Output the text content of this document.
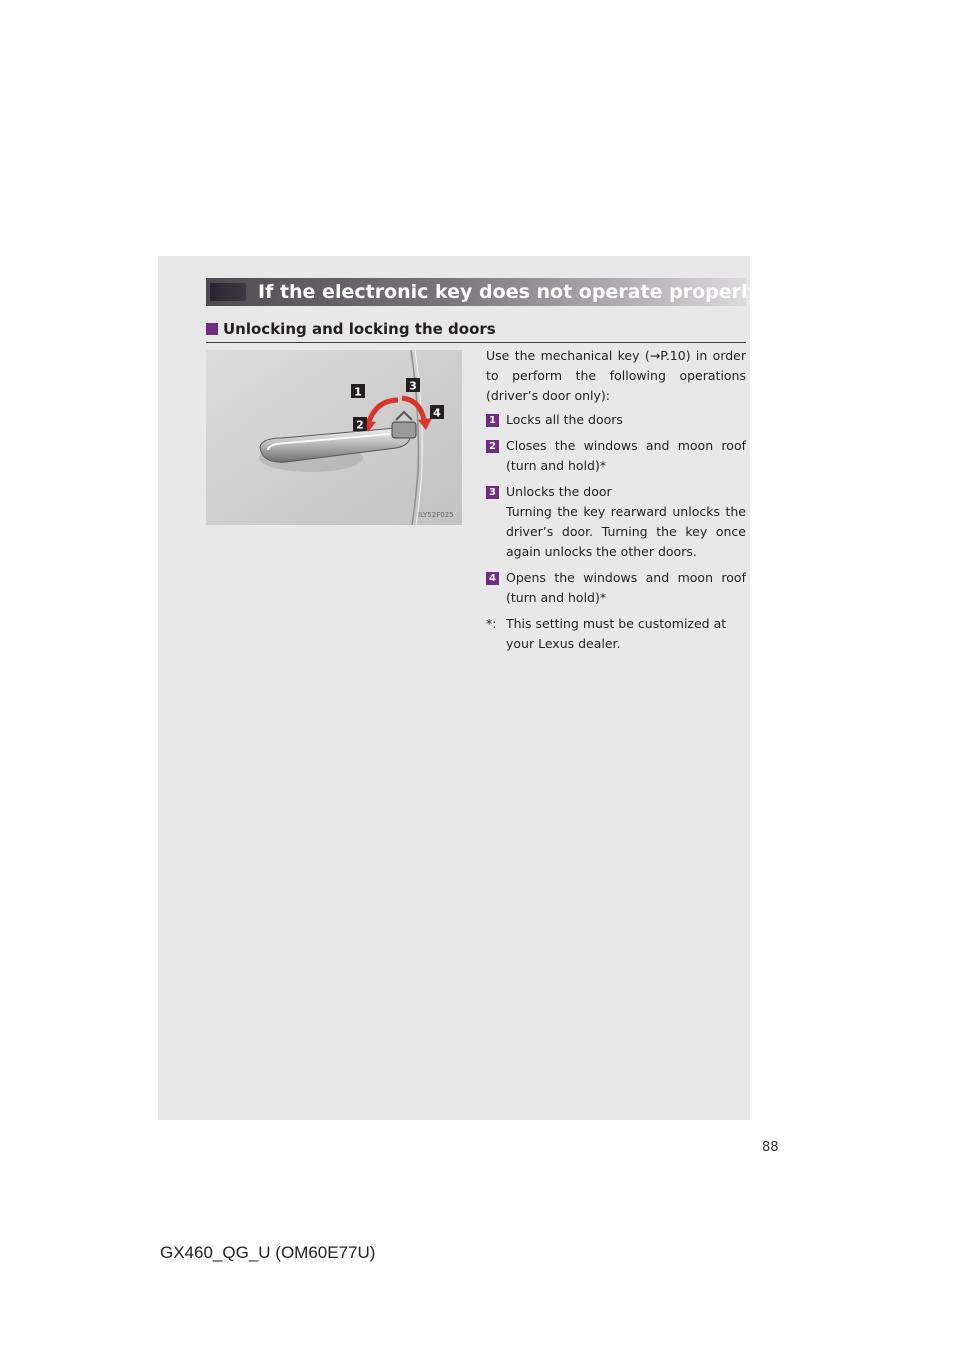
If the electronic key does not operate properly
Unlocking and locking the doors
1
2
3
4
ILY52F025
Use the mechanical key (→P.10) in order to perform the following operations (driver’s door only):
1 Locks all the doors
2 Closes the windows and moon roof (turn and hold)*
3 Unlocks the door
Turning the key rearward unlocks the driver’s door. Turning the key once again unlocks the other doors.
4 Opens the windows and moon roof (turn and hold)*
*: This setting must be customized at your Lexus dealer.
88
GX460_QG_U (OM60E77U)
